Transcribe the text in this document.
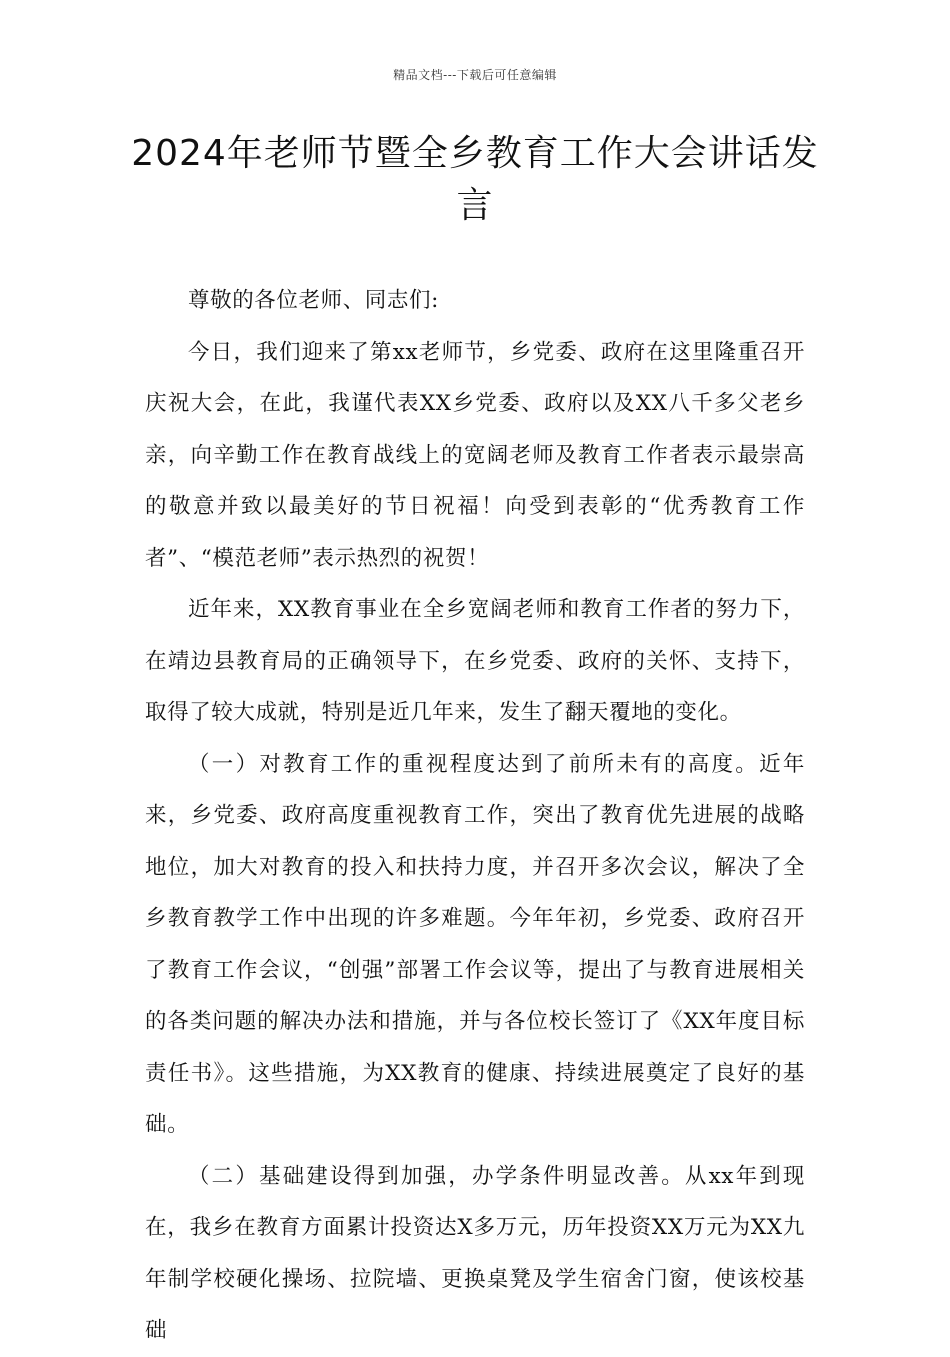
精品文档---下载后可任意编辑
2024年老师节暨全乡教育工作大会讲话发言

尊敬的各位老师、同志们:

今日，我们迎来了第xx老师节，乡党委、政府在这里隆重召开庆祝大会，在此，我谨代表XX乡党委、政府以及XX八千多父老乡亲，向辛勤工作在教育战线上的宽阔老师及教育工作者表示最崇高的敬意并致以最美好的节日祝福！向受到表彰的“优秀教育工作者”、“模范老师”表示热烈的祝贺！

近年来，XX教育事业在全乡宽阔老师和教育工作者的努力下，在靖边县教育局的正确领导下，在乡党委、政府的关怀、支持下，取得了较大成就，特别是近几年来，发生了翻天覆地的变化。

（一）对教育工作的重视程度达到了前所未有的高度。近年来，乡党委、政府高度重视教育工作，突出了教育优先进展的战略地位，加大对教育的投入和扶持力度，并召开多次会议，解决了全乡教育教学工作中出现的许多难题。今年年初，乡党委、政府召开了教育工作会议，“创强”部署工作会议等，提出了与教育进展相关的各类问题的解决办法和措施，并与各位校长签订了《XX年度目标责任书》。这些措施，为XX教育的健康、持续进展奠定了良好的基础。

（二）基础建设得到加强，办学条件明显改善。从xx年到现在，我乡在教育方面累计投资达X多万元，历年投资XX万元为XX九年制学校硬化操场、拉院墙、更换桌凳及学生宿舍门窗，使该校基础
